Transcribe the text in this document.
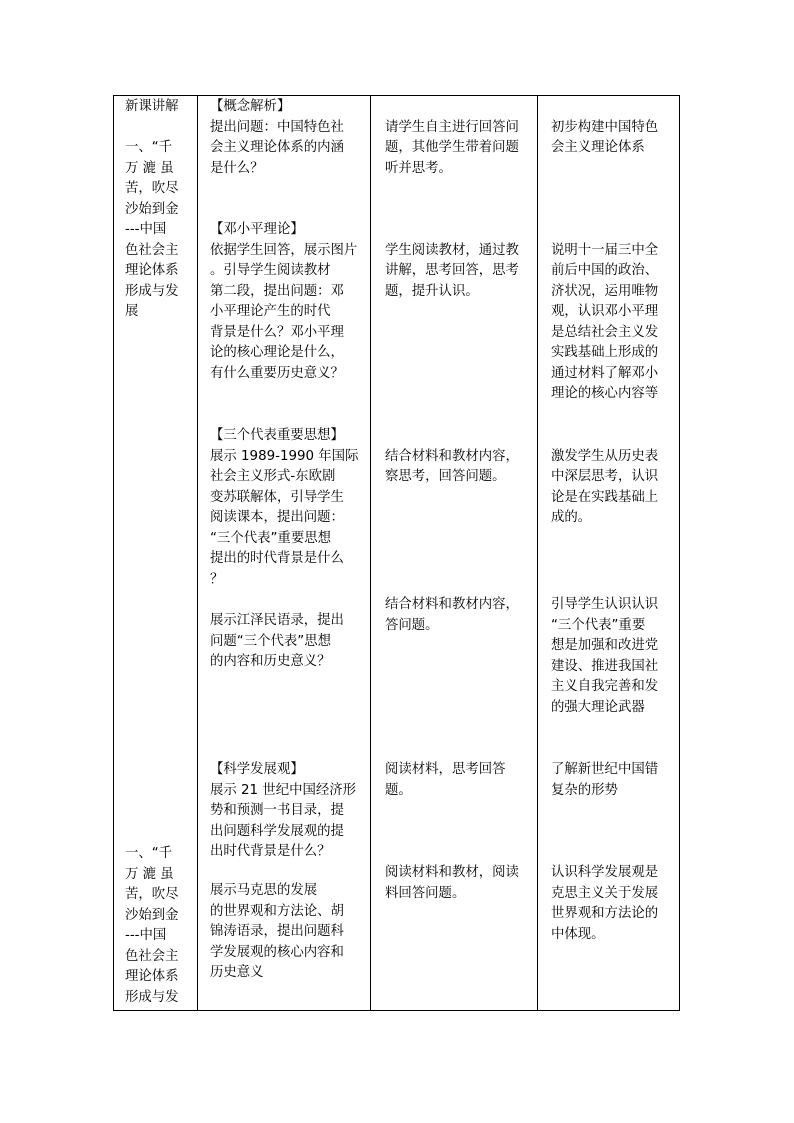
新课讲解
一、“千
万 漉 虽
苦，吹尽
沙始到金
---中国
色社会主
理论体系
形成与发
展
一、“千
万 漉 虽
苦，吹尽
沙始到金
---中国
色社会主
理论体系
形成与发
【概念解析】
提出问题：中国特色社
会主义理论体系的内涵
是什么？
请学生自主进行回答问
题，其他学生带着问题
听并思考。
初步构建中国特色
会主义理论体系
【邓小平理论】
依据学生回答，展示图片
。引导学生阅读教材
第二段，提出问题：邓
小平理论产生的时代
背景是什么？邓小平理
论的核心理论是什么，
有什么重要历史意义？
学生阅读教材，通过教
讲解，思考回答，思考
题，提升认识。
说明十一届三中全
前后中国的政治、
济状况，运用唯物
观，认识邓小平理
是总结社会主义发
实践基础上形成的
通过材料了解邓小
理论的核心内容等
【三个代表重要思想】
展示 1989-1990 年国际
社会主义形式-东欧剧
变苏联解体，引导学生
阅读课本，提出问题：
“三个代表”重要思想
提出的时代背景是什么
？
结合材料和教材内容，
察思考，回答问题。
激发学生从历史表
中深层思考，认识
论是在实践基础上
成的。
展示江泽民语录，提出
问题“三个代表”思想
的内容和历史意义？
结合材料和教材内容，
答问题。
引导学生认识认识
“三个代表”重要
想是加强和改进党
建设、推进我国社
主义自我完善和发
的强大理论武器
【科学发展观】
展示 21 世纪中国经济形
势和预测一书目录，提
出问题科学发展观的提
出时代背景是什么？
阅读材料，思考回答
题。
了解新世纪中国错
复杂的形势
展示马克思的发展
的世界观和方法论、胡
锦涛语录，提出问题科
学发展观的核心内容和
历史意义
阅读材料和教材，阅读
料回答问题。
认识科学发展观是
克思主义关于发展
世界观和方法论的
中体现。
